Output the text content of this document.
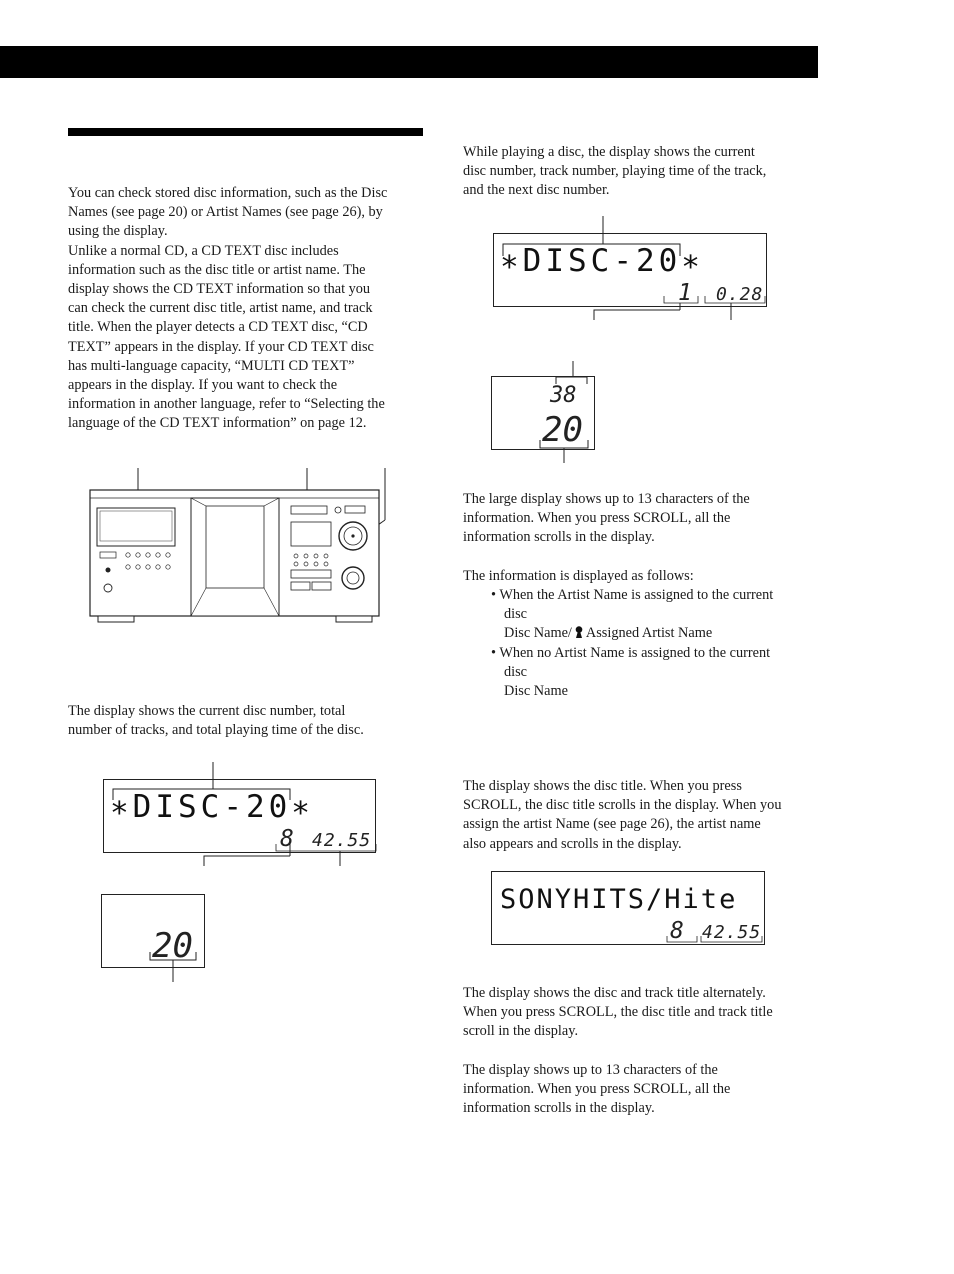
You can check stored disc information, such as the Disc
Names (see page 20) or Artist Names (see page 26), by
using the display.
Unlike a normal CD, a CD TEXT disc includes
information such as the disc title or artist name. The
display shows the CD TEXT information so that you
can check the current disc title, artist name, and track
title. When the player detects a CD TEXT disc, “CD
TEXT” appears in the display. If your CD TEXT disc
has multi-language capacity, “MULTI CD TEXT”
appears in the display. If you want to check the
information in another language, refer to “Selecting the
language of the CD TEXT information” on page 12.
The display shows the current disc number, total
number of tracks, and total playing time of the disc.
∗DISC-20∗
8 42.55
20
While playing a disc, the display shows the current
disc number, track number, playing time of the track,
and the next disc number.
∗DISC-20∗
1 0.28
38
20
The large display shows up to 13 characters of the
information. When you press SCROLL, all the
information scrolls in the display.
The information is displayed as follows:
• When the Artist Name is assigned to the current
disc
Disc Name/ Assigned Artist Name
• When no Artist Name is assigned to the current
disc
Disc Name
The display shows the disc title. When you press
SCROLL, the disc title scrolls in the display. When you
assign the artist Name (see page 26), the artist name
also appears and scrolls in the display.
SONYHITS/Hite
8 42.55
The display shows the disc and track title alternately.
When you press SCROLL, the disc title and track title
scroll in the display.
The display shows up to 13 characters of the
information. When you press SCROLL, all the
information scrolls in the display.
